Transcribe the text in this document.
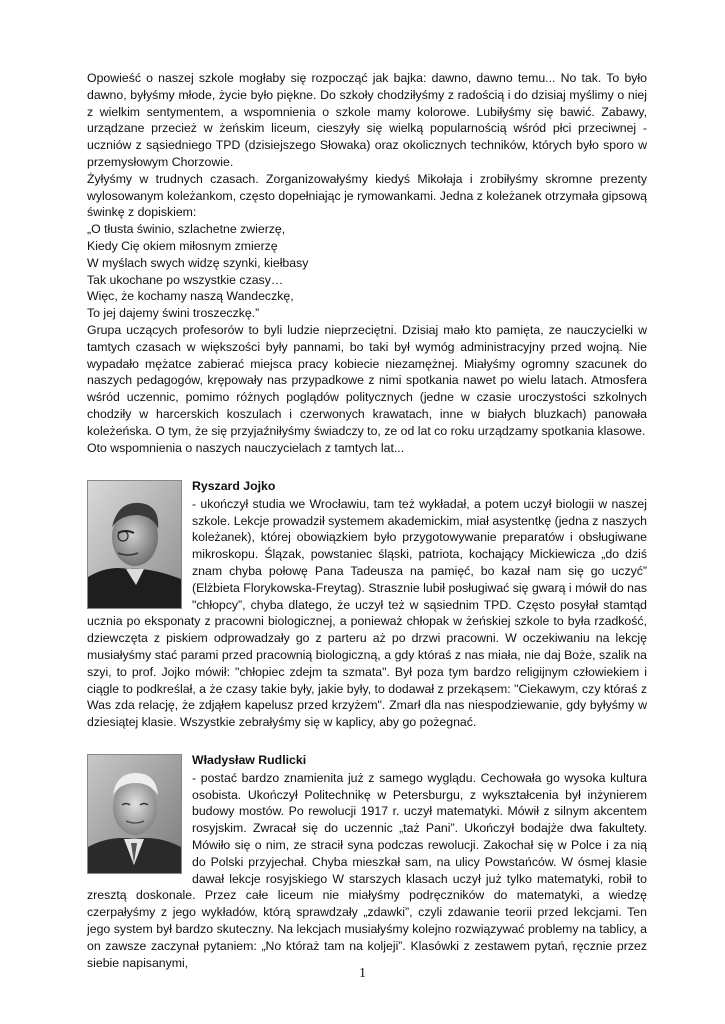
Opowieść o naszej szkole mogłaby się rozpocząć jak bajka: dawno, dawno temu... No tak. To było dawno, byłyśmy młode, życie było piękne. Do szkoły chodziłyśmy z radością i do dzisiaj myślimy o niej z wielkim sentymentem, a wspomnienia o szkole mamy kolorowe. Lubiłyśmy się bawić. Zabawy, urządzane przecież w żeńskim liceum, cieszyły się wielką popularnością wśród płci przeciwnej - uczniów z sąsiedniego TPD (dzisiejszego Słowaka) oraz okolicznych techników, których było sporo w przemysłowym Chorzowie.

Żyłyśmy w trudnych czasach. Zorganizowałyśmy kiedyś Mikołaja i zrobiłyśmy skromne prezenty wylosowanym koleżankom, często dopełniając je rymowankami. Jedna z koleżanek otrzymała gipsową świnkę z dopiskiem:

„O tłusta świnio, szlachetne zwierzę,
Kiedy Cię okiem miłosnym zmierzę
W myślach swych widzę szynki, kiełbasy
Tak ukochane po wszystkie czasy…
Więc, że kochamy naszą Wandeczkę,
To jej dajemy świni troszeczkę.”

Grupa uczących profesorów to byli ludzie nieprzeciętni. Dzisiaj mało kto pamięta, ze nauczycielki w tamtych czasach w większości były pannami, bo taki był wymóg administracyjny przed wojną. Nie wypadało mężatce zabierać miejsca pracy kobiecie niezamężnej. Miałyśmy ogromny szacunek do naszych pedagogów, krępowały nas przypadkowe z nimi spotkania nawet po wielu latach. Atmosfera wśród uczennic, pomimo różnych poglądów politycznych (jedne w czasie uroczystości szkolnych chodziły w harcerskich koszulach i czerwonych krawatach, inne w białych bluzkach) panowała koleżeńska. O tym, że się przyjaźniłyśmy świadczy to, ze od lat co roku urządzamy spotkania klasowe.

Oto wspomnienia o naszych nauczycielach z tamtych lat...

Ryszard Jojko

- ukończył studia we Wrocławiu, tam też wykładał, a potem uczył biologii w naszej szkole. Lekcje prowadził systemem akademickim, miał asystentkę (jedna z naszych koleżanek), której obowiązkiem było przygotowywanie preparatów i obsługiwane mikroskopu. Ślązak, powstaniec śląski, patriota, kochający Mickiewicza „do dziś znam chyba połowę Pana Tadeusza na pamięć, bo kazał nam się go uczyć” (Elżbieta Florykowska-Freytag). Strasznie lubił posługiwać się gwarą i mówił do nas "chłopcy”, chyba dlatego, że uczył też w sąsiednim TPD. Często posyłał stamtąd ucznia po eksponaty z pracowni biologicznej, a ponieważ chłopak w żeńskiej szkole to była rzadkość, dziewczęta z piskiem odprowadzały go z parteru aż po drzwi pracowni. W oczekiwaniu na lekcję musiałyśmy stać parami przed pracownią biologiczną, a gdy któraś z nas miała, nie daj Boże, szalik na szyi, to prof. Jojko mówił: "chłopiec zdejm ta szmata". Był poza tym bardzo religijnym człowiekiem i ciągle to podkreślał, a że czasy takie były, jakie były, to dodawał z przekąsem: "Ciekawym, czy któraś z Was zda relację, że zdjąłem kapelusz przed krzyżem". Zmarł dla nas niespodziewanie, gdy byłyśmy w dziesiątej klasie. Wszystkie zebrałyśmy się w kaplicy, aby go pożegnać.

Władysław Rudlicki

- postać bardzo znamienita już z samego wyglądu. Cechowała go wysoka kultura osobista. Ukończył Politechnikę w Petersburgu, z wykształcenia był inżynierem budowy mostów. Po rewolucji 1917 r. uczył matematyki. Mówił z silnym akcentem rosyjskim. Zwracał się do uczennic „taż Pani”. Ukończył bodajże dwa fakultety. Mówiło się o nim, ze stracił syna podczas rewolucji. Zakochał się w Polce i za nią do Polski przyjechał. Chyba mieszkał sam, na ulicy Powstańców. W ósmej klasie dawał lekcje rosyjskiego W starszych klasach uczył już tylko matematyki, robił to zresztą doskonale. Przez całe liceum nie miałyśmy podręczników do matematyki, a wiedzę czerpałyśmy z jego wykładów, którą sprawdzały „zdawki”, czyli zdawanie teorii przed lekcjami. Ten jego system był bardzo skuteczny. Na lekcjach musiałyśmy kolejno rozwiązywać problemy na tablicy, a on zawsze zaczynał pytaniem: „No któraż tam na koljeji”. Klasówki z zestawem pytań, ręcznie przez siebie napisanymi,

1
